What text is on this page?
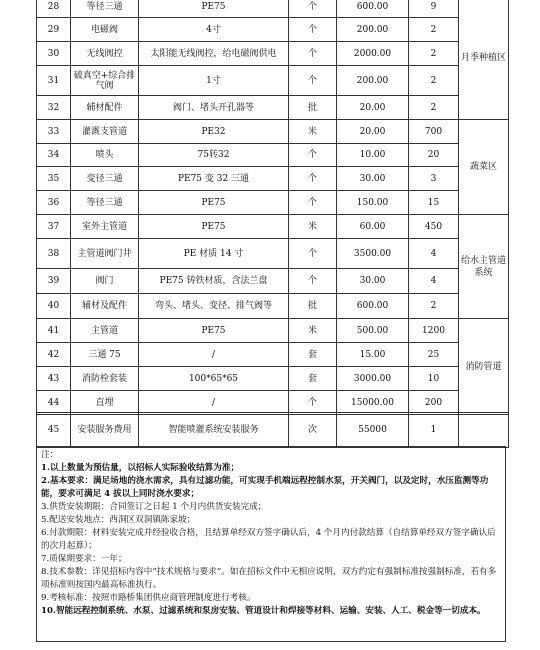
28	等径三通	PE75	个	600.00	9	月季种植区
29	电磁阀	4寸	个	200.00	2	
30	无线阀控	太阳能无线阀控，给电磁阀供电	个	2000.00	2	
31	破真空+综合排气阀	1寸	个	200.00	2	
32	辅材配件	阀门、堵头开孔器等	批	20.00	2	
33	灌溉支管道	PE32	米	20.00	700	蔬菜区
34	喷头	75转32	个	10.00	20	
35	变径三通	PE75 变 32 三通	个	30.00	3	
36	等径三通	PE75	个	150.00	15	
37	室外主管道	PE75	米	60.00	450	给水主管道系统
38	主管道阀门井	PE 材质 14 寸	个	3500.00	4	
39	阀门	PE75 铸铁材质，含法兰盘	个	30.00	4	
40	辅材及配件	弯头、堵头、变径、排气阀等	批	600.00	2	
41	主管道	PE75	米	500.00	1200	消防管道
42	三通 75	/	套	15.00	25	
43	消防栓套装	100*65*65	套	3000.00	10	
44	直埋	/	个	15000.00	200	
45	安装服务费用	智能喷灌系统安装服务	次	55000	1	

注：

1.以上数量为预估量，以招标人实际验收结算为准；

2.基本要求：满足场地的浇水需求，具有过滤功能，可实现手机端远程控制水泵，开关阀门，以及定时，水压监测等功能，要求可满足 4 拔以上同时浇水要求；

3.供货安装期限：合同签订之日起 1 个月内供货安装完成；

5.配送安装地点：西洞区双洞镇陈家坡；

6.付款期限：材料安装完成并经验收合格，且结算单经双方签字确认后，4 个月内付款结算（自结算单经双方签字确认后的次月起算）；

7.质保期要求：一年；

8.技术参数：详见招标内容中“技术规格与要求”。如在招标文件中无相应说明，双方约定有强制标准按强制标准，若有多项标准则按国内最高标准执行。

9.考核标准：按照市路桥集团供应商管理制度进行考核。

10.智能远程控制系统、水泵、过滤系统和泵房安装、管道设计和焊接等材料、运输、安装、人工、税金等一切成本。
